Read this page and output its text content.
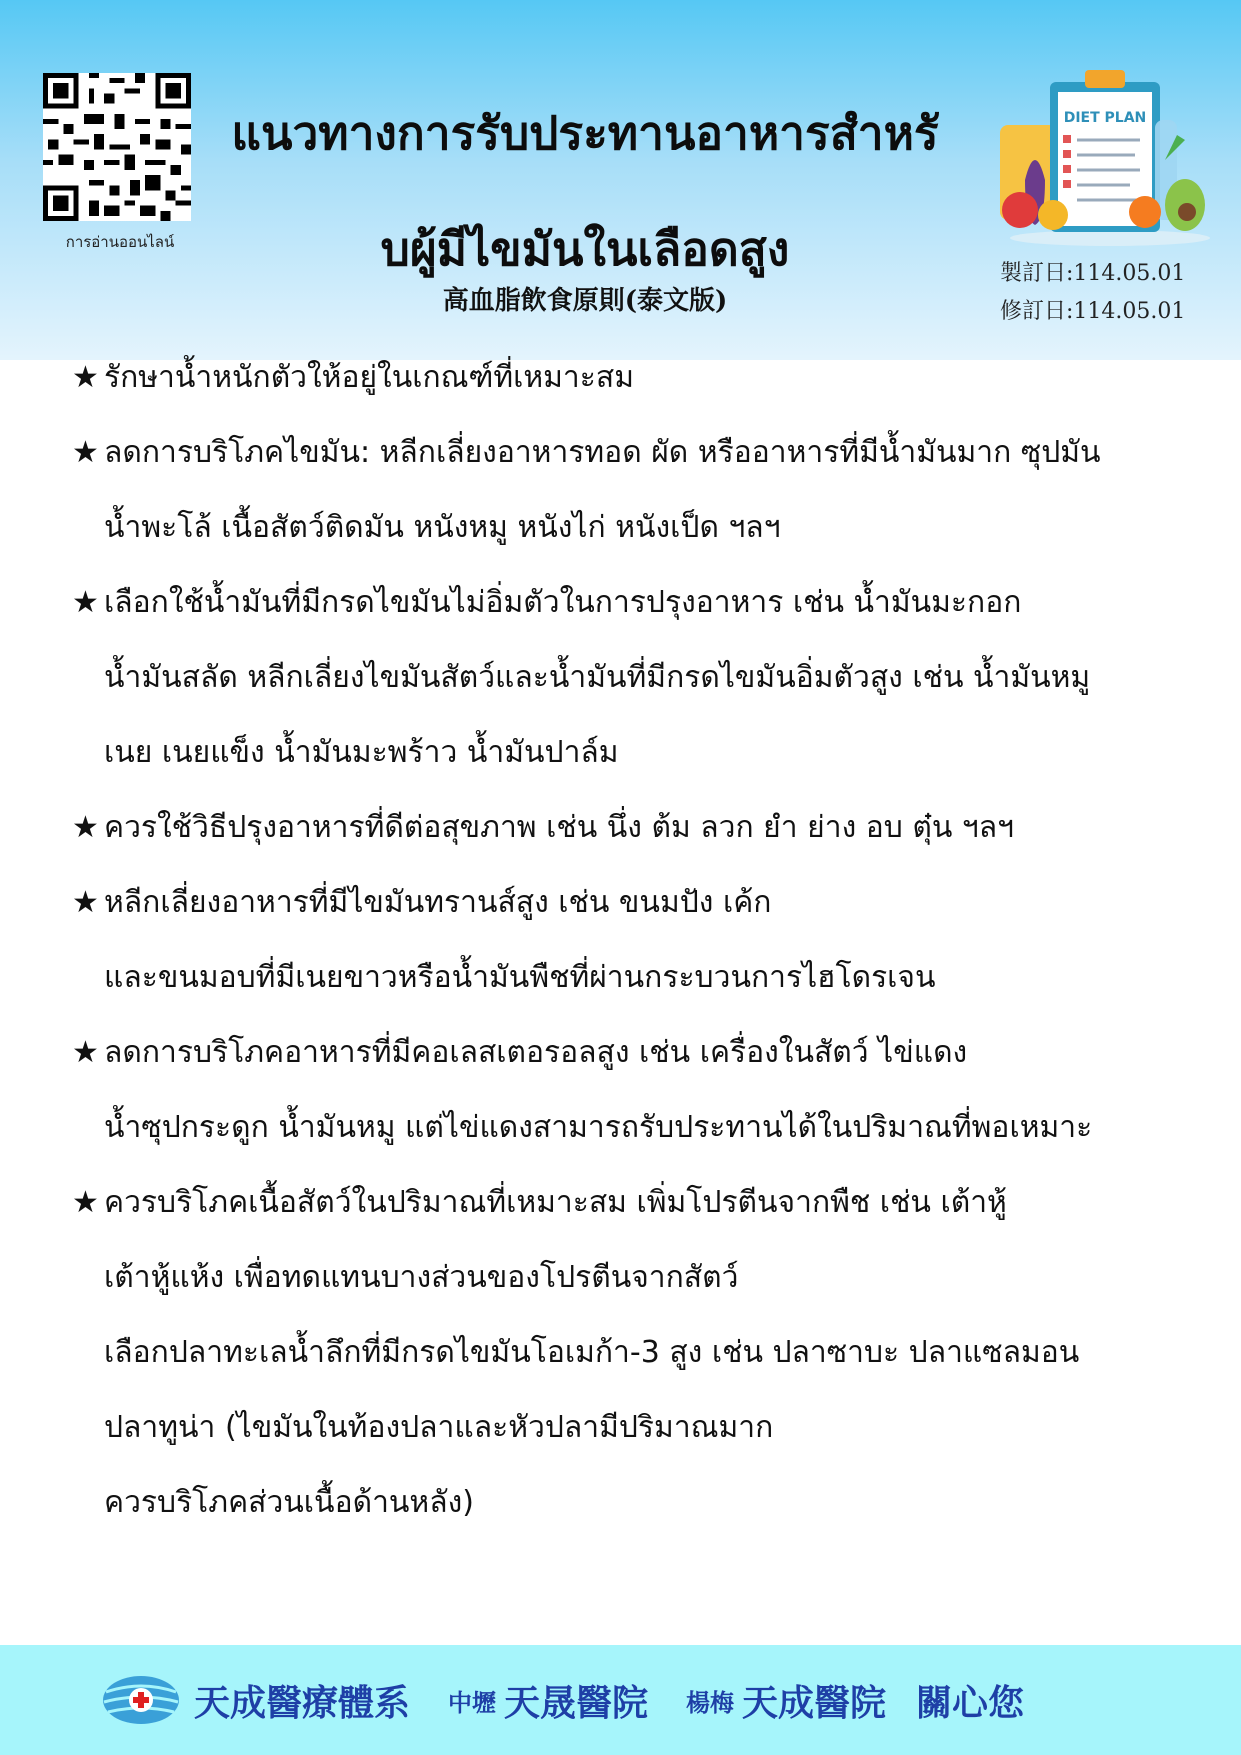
การอ่านออนไลน์
แนวทางการรับประทานอาหารสำหรั
บผู้มีไขมันในเลือดสูง
高血脂飲食原則(泰文版)
DIET PLAN
製訂日:114.05.01
修訂日:114.05.01
★ รักษาน้ำหนักตัวให้อยู่ในเกณฑ์ที่เหมาะสม
★ ลดการบริโภคไขมัน: หลีกเลี่ยงอาหารทอด ผัด หรืออาหารที่มีน้ำมันมาก ซุปมัน
น้ำพะโล้ เนื้อสัตว์ติดมัน หนังหมู หนังไก่ หนังเป็ด ฯลฯ
★ เลือกใช้น้ำมันที่มีกรดไขมันไม่อิ่มตัวในการปรุงอาหาร เช่น น้ำมันมะกอก
น้ำมันสลัด หลีกเลี่ยงไขมันสัตว์และน้ำมันที่มีกรดไขมันอิ่มตัวสูง เช่น น้ำมันหมู
เนย เนยแข็ง น้ำมันมะพร้าว น้ำมันปาล์ม
★ ควรใช้วิธีปรุงอาหารที่ดีต่อสุขภาพ เช่น นึ่ง ต้ม ลวก ยำ ย่าง อบ ตุ๋น ฯลฯ
★ หลีกเลี่ยงอาหารที่มีไขมันทรานส์สูง เช่น ขนมปัง เค้ก
และขนมอบที่มีเนยขาวหรือน้ำมันพืชที่ผ่านกระบวนการไฮโดรเจน
★ ลดการบริโภคอาหารที่มีคอเลสเตอรอลสูง เช่น เครื่องในสัตว์ ไข่แดง
น้ำซุปกระดูก น้ำมันหมู แต่ไข่แดงสามารถรับประทานได้ในปริมาณที่พอเหมาะ
★ ควรบริโภคเนื้อสัตว์ในปริมาณที่เหมาะสม เพิ่มโปรตีนจากพืช เช่น เต้าหู้
เต้าหู้แห้ง เพื่อทดแทนบางส่วนของโปรตีนจากสัตว์
เลือกปลาทะเลน้ำลึกที่มีกรดไขมันโอเมก้า-3 สูง เช่น ปลาซาบะ ปลาแซลมอน
ปลาทูน่า (ไขมันในท้องปลาและหัวปลามีปริมาณมาก
ควรบริโภคส่วนเนื้อด้านหลัง)
天成醫療體系 中壢 天晟醫院 楊梅 天成醫院 關心您
